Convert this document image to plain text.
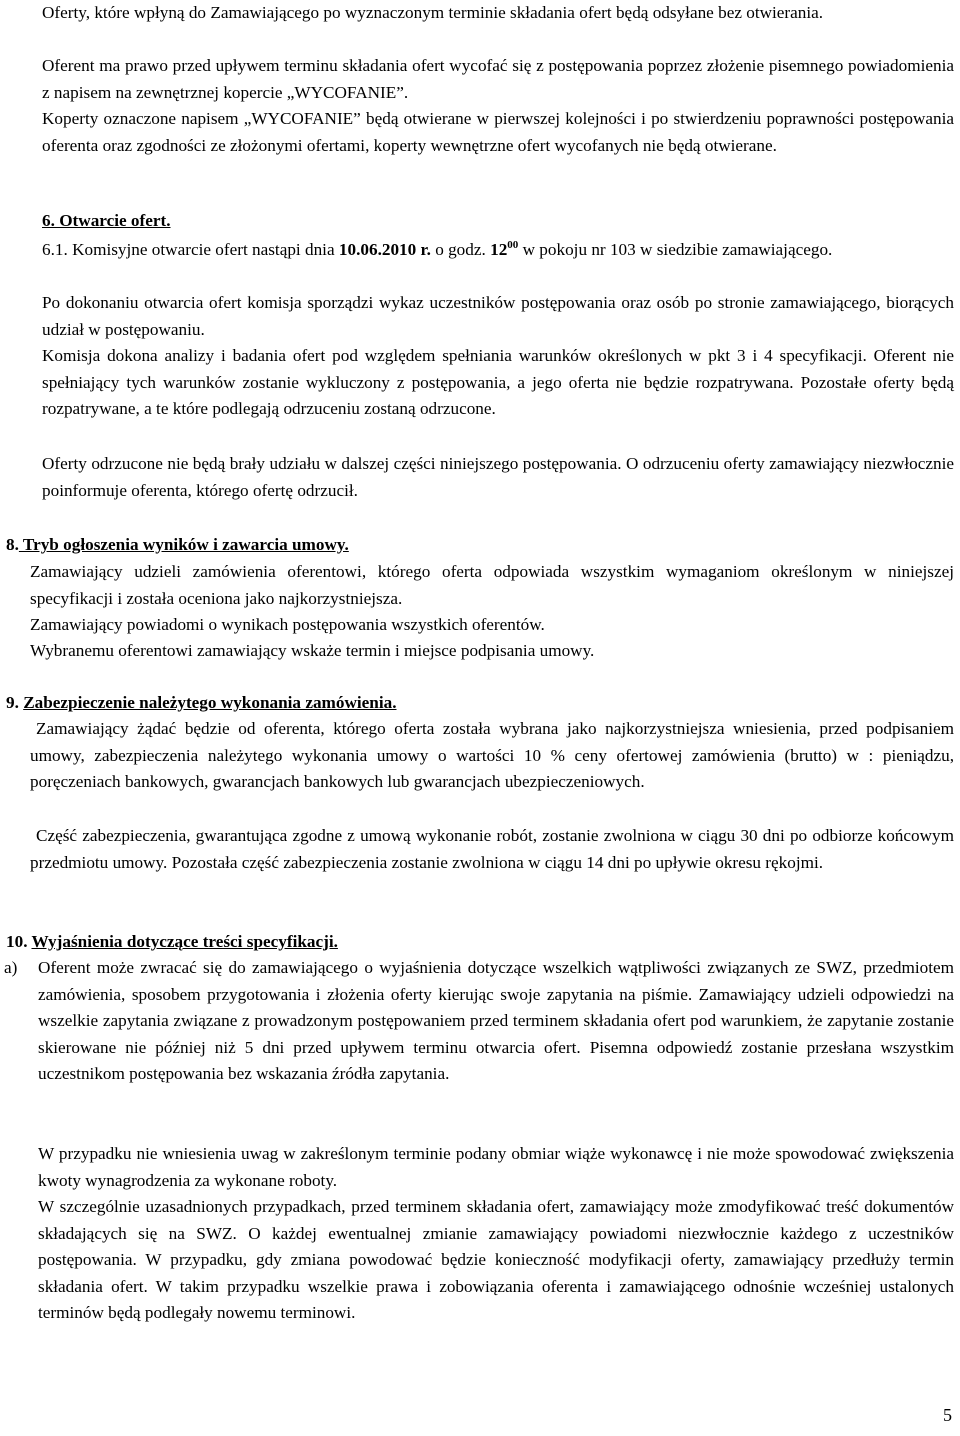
Oferty, które wpłyną do Zamawiającego po wyznaczonym terminie składania ofert będą odsyłane bez otwierania.

Oferent ma prawo przed upływem terminu składania ofert wycofać się z postępowania poprzez złożenie pisemnego powiadomienia z napisem na zewnętrznej kopercie „WYCOFANIE”.

Koperty oznaczone napisem „WYCOFANIE” będą otwierane w pierwszej kolejności i po stwierdzeniu poprawności postępowania oferenta oraz zgodności ze złożonymi ofertami, koperty wewnętrzne ofert wycofanych nie będą otwierane.

6. Otwarcie ofert.
6.1. Komisyjne otwarcie ofert nastąpi dnia 10.06.2010 r. o godz. $12^{00}$ w pokoju nr 103 w siedzibie zamawiającego.

Po dokonaniu otwarcia ofert komisja sporządzi wykaz uczestników postępowania oraz osób po stronie zamawiającego, biorących udział w postępowaniu.

Komisja dokona analizy i badania ofert pod względem spełniania warunków określonych w pkt 3 i 4 specyfikacji. Oferent nie spełniający tych warunków zostanie wykluczony z postępowania, a jego oferta nie będzie rozpatrywana. Pozostałe oferty będą rozpatrywane, a te które podlegają odrzuceniu zostaną odrzucone.

Oferty odrzucone nie będą brały udziału w dalszej części niniejszego postępowania. O odrzuceniu oferty zamawiający niezwłocznie poinformuje oferenta, którego ofertę odrzucił.

8. Tryb ogłoszenia wyników i zawarcia umowy.

Zamawiający udzieli zamówienia oferentowi, którego oferta odpowiada wszystkim wymaganiom określonym w niniejszej specyfikacji i została oceniona jako najkorzystniejsza.

Zamawiający powiadomi o wynikach postępowania wszystkich oferentów.

Wybranemu oferentowi zamawiający wskaże termin i miejsce podpisania umowy.

9. Zabezpieczenie należytego wykonania zamówienia.

Zamawiający żądać będzie od oferenta, którego oferta została wybrana jako najkorzystniejsza wniesienia, przed podpisaniem umowy, zabezpieczenia należytego wykonania umowy o wartości 10 % ceny ofertowej zamówienia (brutto) w : pieniądzu, poręczeniach bankowych, gwarancjach bankowych lub gwarancjach ubezpieczeniowych.

Część zabezpieczenia, gwarantująca zgodne z umową wykonanie robót, zostanie zwolniona w ciągu 30 dni po odbiorze końcowym przedmiotu umowy. Pozostała część zabezpieczenia zostanie zwolniona w ciągu 14 dni po upływie okresu rękojmi.

10. Wyjaśnienia dotyczące treści specyfikacji.
a) Oferent może zwracać się do zamawiającego o wyjaśnienia dotyczące wszelkich wątpliwości związanych ze SWZ, przedmiotem zamówienia, sposobem przygotowania i złożenia oferty kierując swoje zapytania na piśmie. Zamawiający udzieli odpowiedzi na wszelkie zapytania związane z prowadzonym postępowaniem przed terminem składania ofert pod warunkiem, że zapytanie zostanie skierowane nie później niż 5 dni przed upływem terminu otwarcia ofert. Pisemna odpowiedź zostanie przesłana wszystkim uczestnikom postępowania bez wskazania źródła zapytania.

W przypadku nie wniesienia uwag w zakreślonym terminie podany obmiar wiąże wykonawcę i nie może spowodować zwiększenia kwoty wynagrodzenia za wykonane roboty.

W szczególnie uzasadnionych przypadkach, przed terminem składania ofert, zamawiający może zmodyfikować treść dokumentów składających się na SWZ. O każdej ewentualnej zmianie zamawiający powiadomi niezwłocznie każdego z uczestników postępowania. W przypadku, gdy zmiana powodować będzie konieczność modyfikacji oferty, zamawiający przedłuży termin składania ofert. W takim przypadku wszelkie prawa i zobowiązania oferenta i zamawiającego odnośnie wcześniej ustalonych terminów będą podlegały nowemu terminowi.

5
